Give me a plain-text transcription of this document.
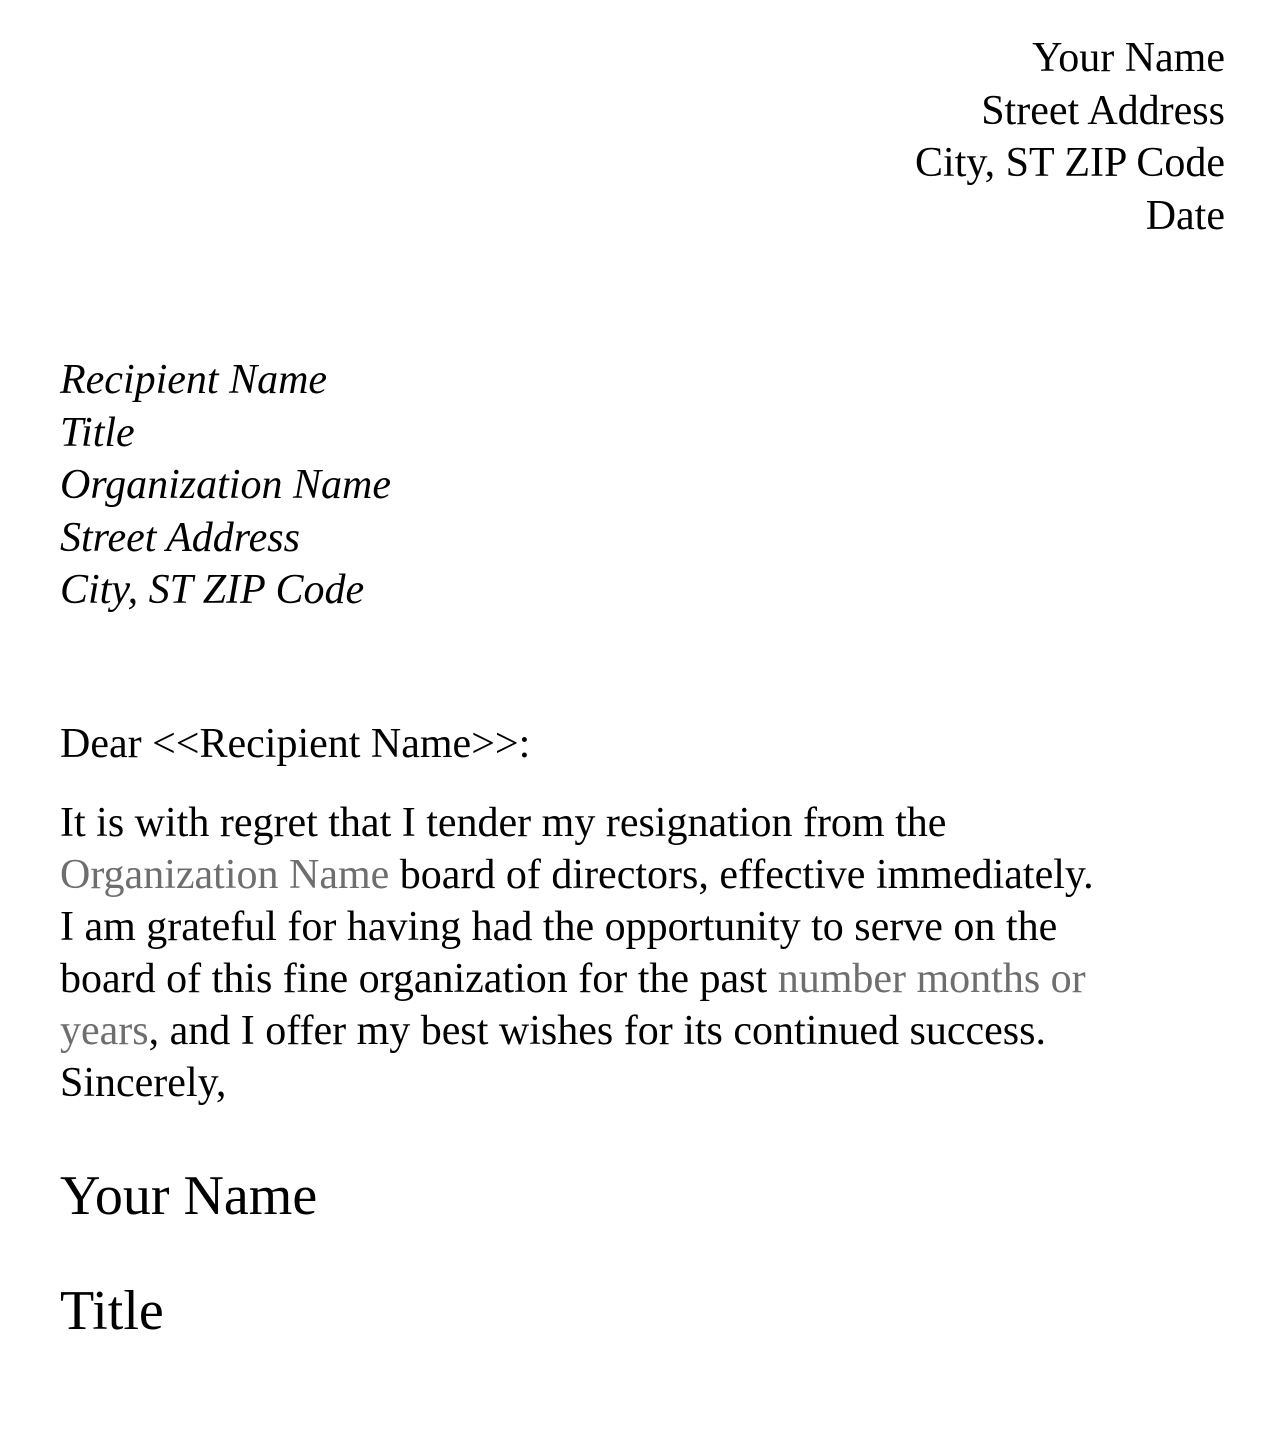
Your Name
Street Address
City, ST ZIP Code
Date
Recipient Name
Title
Organization Name
Street Address
City, ST ZIP Code
Dear <<Recipient Name>>:
It is with regret that I tender my resignation from the
Organization Name board of directors, effective immediately.
I am grateful for having had the opportunity to serve on the
board of this fine organization for the past number months or
years, and I offer my best wishes for its continued success.
Sincerely,
Your Name
Title
